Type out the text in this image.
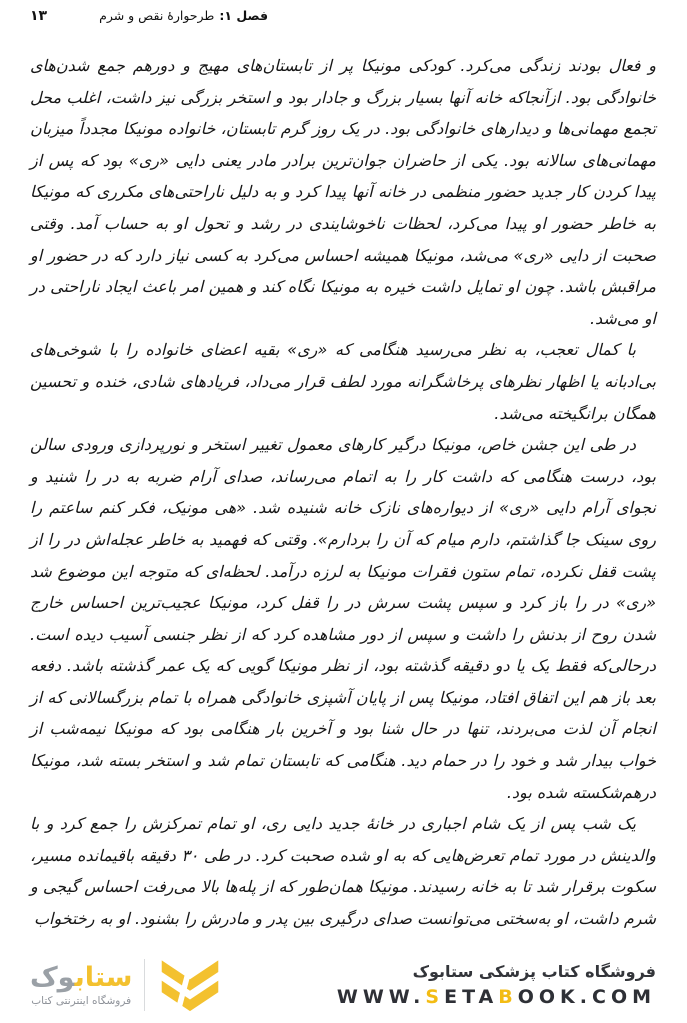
۱۳	فصل ۱:طرحوارهٔ نقص و شرم

و فعال بودند زندگی می‌کرد. کودکی مونیکا پر از تابستان‌های مهیج و دورهم جمع شدن‌های خانوادگی بود. ازآنجاکه خانه آنها بسیار بزرگ و جادار بود و استخر بزرگی نیز داشت، اغلب محل تجمع مهمانی‌ها و دیدارهای خانوادگی بود. در یک روز گرم تابستان، خانواده مونیکا مجدداً میزبان مهمانی‌های سالانه بود. یکی از حاضران جوان‌ترین برادر مادر یعنی دایی «ری» بود که پس از پیدا کردن کار جدید حضور منظمی در خانه آنها پیدا کرد و به دلیل ناراحتی‌های مکرری که مونیکا به خاطر حضور او پیدا می‌کرد، لحظات ناخوشایندی در رشد و تحول او به حساب آمد. وقتی صحبت از دایی «ری» می‌شد، مونیکا همیشه احساس می‌کرد به کسی نیاز دارد که در حضور او مراقبش باشد. چون او تمایل داشت خیره به مونیکا نگاه کند و همین امر باعث ایجاد ناراحتی در او می‌شد.

با کمال تعجب، به نظر می‌رسید هنگامی که «ری» بقیه اعضای خانواده را با شوخی‌های بی‌ادبانه یا اظهار نظرهای پرخاشگرانه مورد لطف قرار می‌داد، فریادهای شادی، خنده و تحسین همگان برانگیخته می‌شد.

در طی این جشن خاص، مونیکا درگیر کارهای معمول تغییر استخر و نورپردازی ورودی سالن بود، درست هنگامی که داشت کار را به اتمام می‌رساند، صدای آرام ضربه به در را شنید و نجوای آرام دایی «ری» از دیواره‌های نازک خانه شنیده شد. «هی مونیک، فکر کنم ساعتم را روی سینک جا گذاشتم، دارم میام که آن را بردارم». وقتی که فهمید به خاطر عجله‌اش در را از پشت قفل نکرده، تمام ستون فقرات مونیکا به لرزه درآمد. لحظه‌ای که متوجه این موضوع شد «ری» در را باز کرد و سپس پشت سرش در را قفل کرد، مونیکا عجیب‌ترین احساس خارج شدن روح از بدنش را داشت و سپس از دور مشاهده کرد که از نظر جنسی آسیب دیده است. درحالی‌که فقط یک یا دو دقیقه گذشته بود، از نظر مونیکا گویی که یک عمر گذشته باشد. دفعه بعد باز هم این اتفاق افتاد، مونیکا پس از پایان آشپزی خانوادگی همراه با تمام بزرگسالانی که از انجام آن لذت می‌بردند، تنها در حال شنا بود و آخرین بار هنگامی بود که مونیکا نیمه‌شب از خواب بیدار شد و خود را در حمام دید. هنگامی که تابستان تمام شد و استخر بسته شد، مونیکا درهم‌شکسته شده بود.

یک شب پس از یک شام اجباری در خانهٔ جدید دایی ری، او تمام تمرکزش را جمع کرد و با والدینش در مورد تمام تعرض‌هایی که به او شده صحبت کرد. در طی ۳۰ دقیقه باقیمانده مسیر، سکوت برقرار شد تا به خانه رسیدند. مونیکا همان‌طور که از پله‌ها بالا می‌رفت احساس گیجی و شرم داشت، او به‌سختی می‌توانست صدای درگیری بین پدر و مادرش را بشنود. او به رختخواب

ستابوک
فروشگاه اینترنتی کتاب
فروشگاه کتاب پزشکی ستابوک
WWW.SETABOOK.COM
